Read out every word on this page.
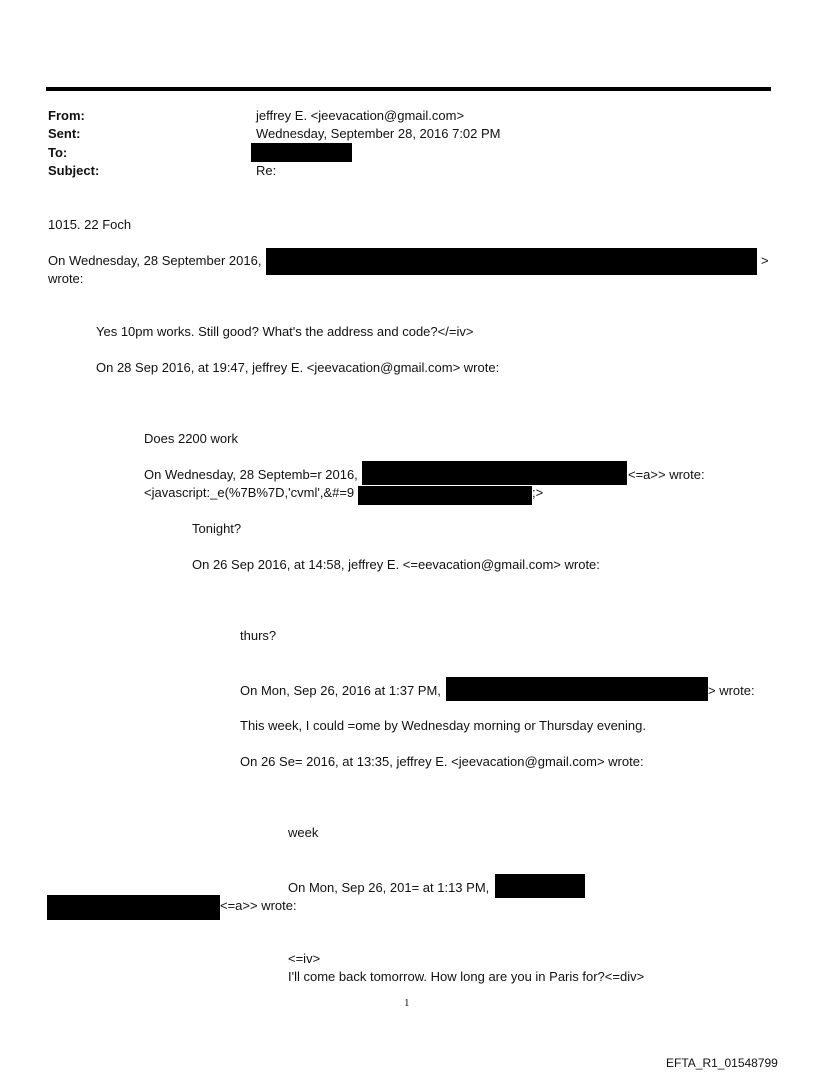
From:	jeffrey E. <jeevacation@gmail.com>
Sent:	Wednesday, September 28, 2016 7:02 PM
To:
Subject:	Re:
1015. 22 Foch
On Wednesday, 28 September 2016,	>
wrote:
Yes 10pm works. Still good? What's the address and code?</=iv>
On 28 Sep 2016, at 19:47, jeffrey E. <jeevacation@gmail.com> wrote:
Does 2200 work
On Wednesday, 28 Septemb=r 2016,	<=a>> wrote:
<javascript:_e(%7B%7D,'cvml',&#=9	;>
Tonight?
On 26 Sep 2016, at 14:58, jeffrey E. <=eevacation@gmail.com> wrote:
thurs?
On Mon, Sep 26, 2016 at 1:37 PM,	> wrote:
This week, I could =ome by Wednesday morning or Thursday evening.
On 26 Se= 2016, at 13:35, jeffrey E. <jeevacation@gmail.com> wrote:
week
On Mon, Sep 26, 201= at 1:13 PM,
<=a>> wrote:
<=iv>
I'll come back tomorrow. How long are you in Paris for?<=div>
1
EFTA_R1_01548799
